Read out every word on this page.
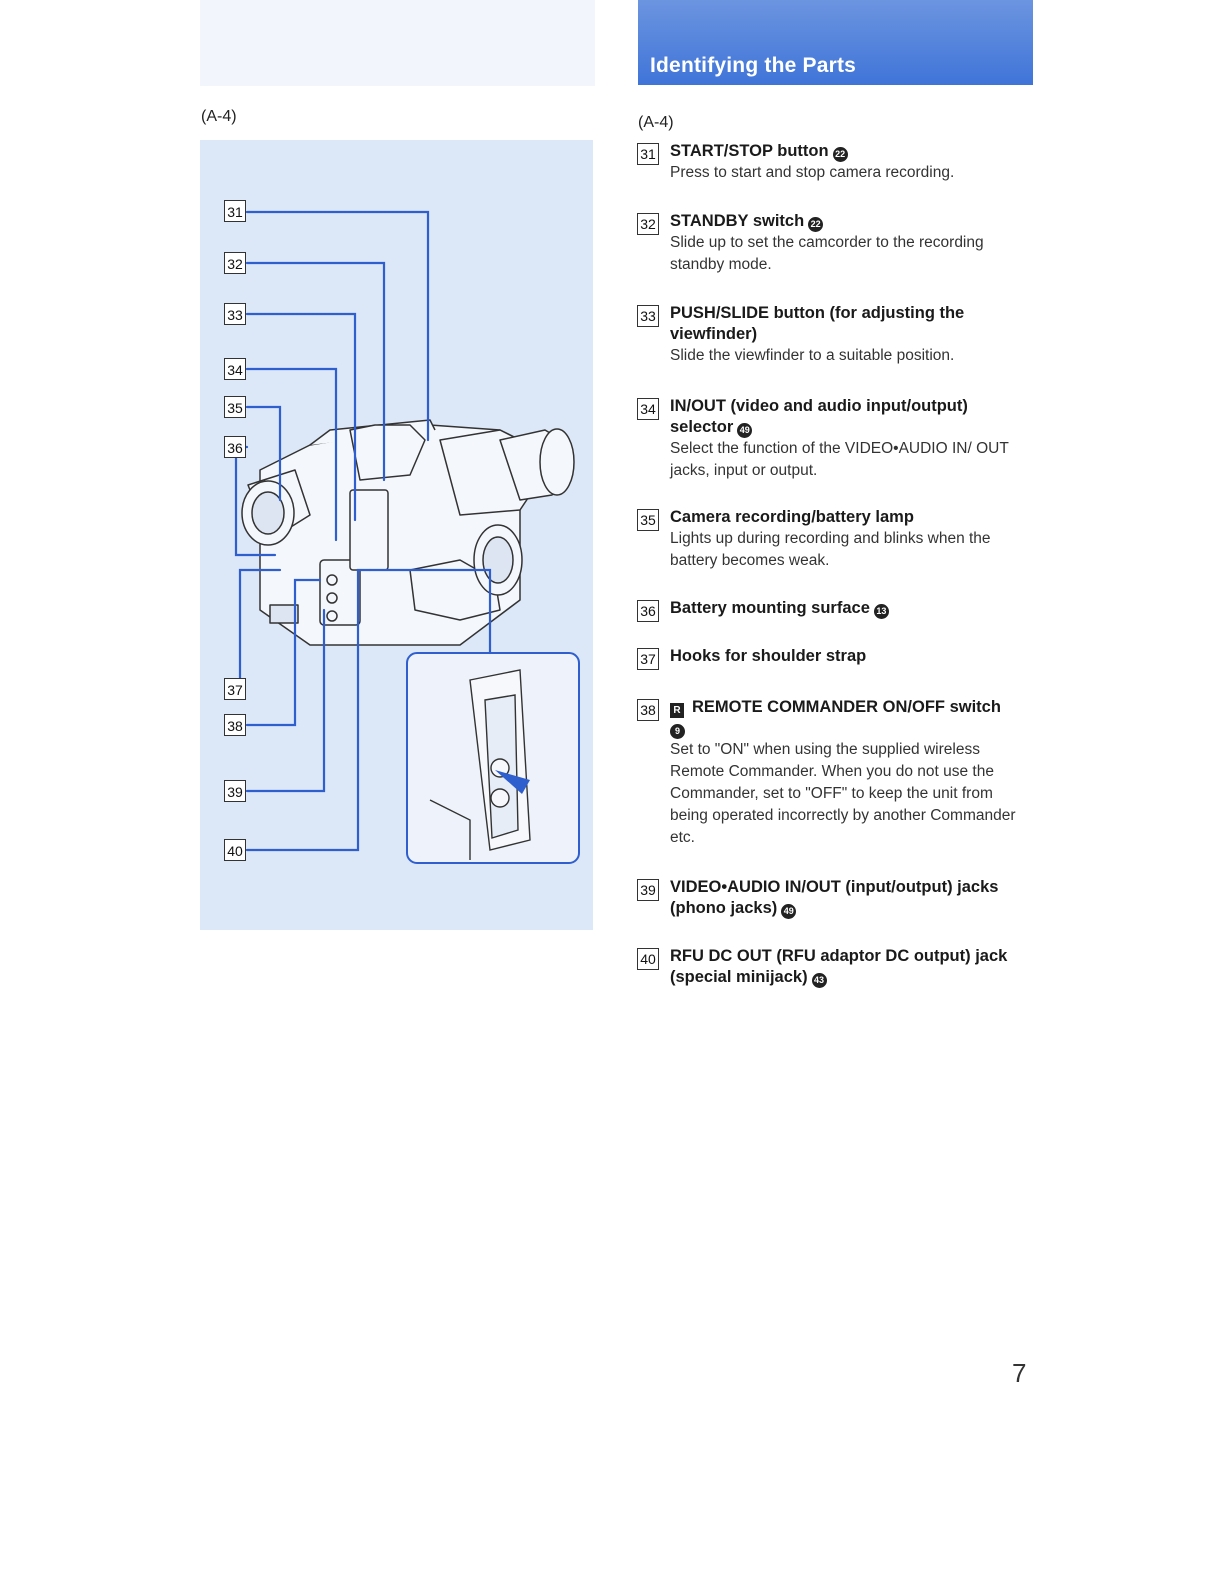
Identifying the Parts
(A-4)
31
32
33
34
35
36
37
38
39
40
(A-4)
31 START/STOP button 22
Press to start and stop camera recording.
32 STANDBY switch 22
Slide up to set the camcorder to the recording standby mode.
33 PUSH/SLIDE button (for adjusting the viewfinder)
Slide the viewfinder to a suitable position.
34 IN/OUT (video and audio input/output) selector 49
Select the function of the VIDEO•AUDIO IN/ OUT jacks, input or output.
35 Camera recording/battery lamp
Lights up during recording and blinks when the battery becomes weak.
36 Battery mounting surface 13
37 Hooks for shoulder strap
38	R REMOTE COMMANDER ON/OFF switch
9
Set to "ON" when using the supplied wireless Remote Commander. When you do not use the Commander, set to "OFF" to keep the unit from being operated incorrectly by another Commander etc.
39 VIDEO•AUDIO IN/OUT (input/output) jacks (phono jacks) 49
40 RFU DC OUT (RFU adaptor DC output) jack (special minijack) 43
7
